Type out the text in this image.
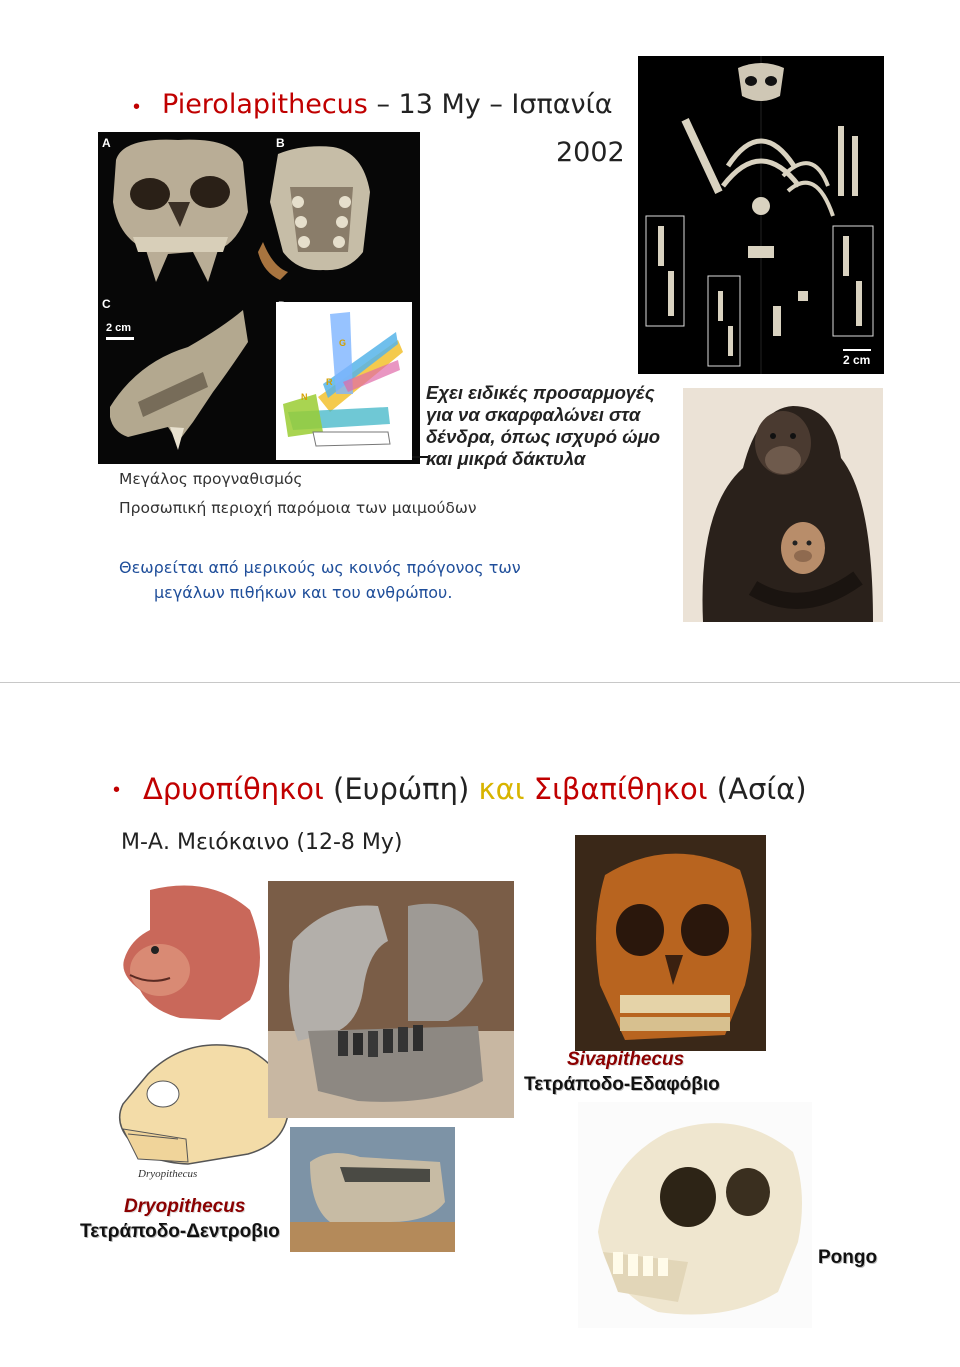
• Pierolapithecus – 13 My – Ισπανία
2002
A	B
C	D
2 cm
G
R
N
2 cm
Εχει ειδικές προσαρμογές
για να σκαρφαλώνει στα
δένδρα, όπως ισχυρό ώμο
και μικρά δάκτυλα
Μεγάλος προγναθισμός
Προσωπική περιοχή παρόμοια των μαιμούδων
Θεωρείται από μερικούς ως κοινός πρόγονος των
μεγάλων πιθήκων και του ανθρώπου.
• Δρυοπίθηκοι (Ευρώπη) και Σιβαπίθηκοι (Ασία)
Μ-Α. Μειόκαινο (12-8 My)
Dryopithecus
Sivapithecus
Τετράποδο-Εδαφόβιο
Dryopithecus
Τετράποδο-Δεντροβιο
Pongo
